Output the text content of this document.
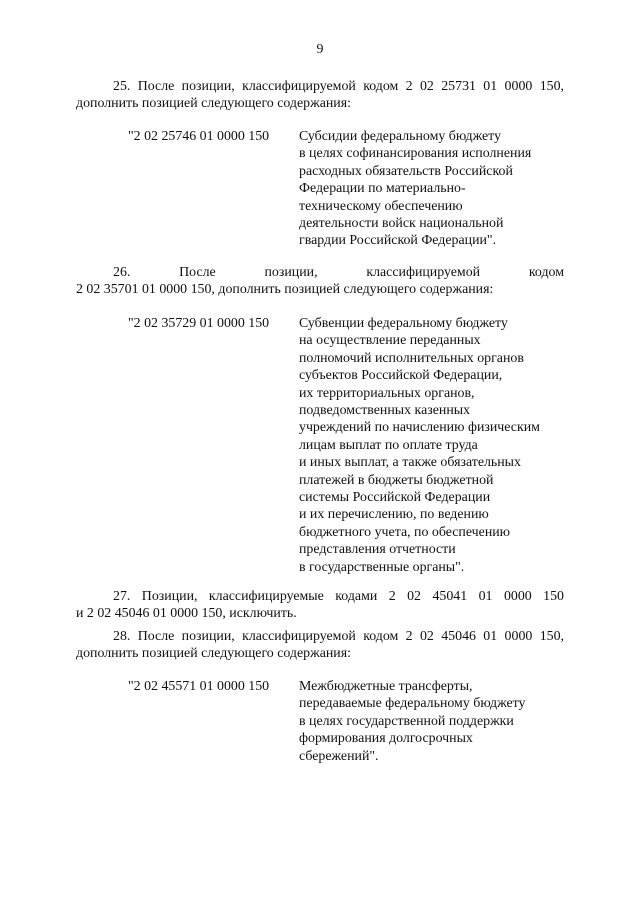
9
25. После позиции, классифицируемой кодом 2 02 25731 01 0000 150,
дополнить позицией следующего содержания:
"2 02 25746 01 0000 150 Субсидии федеральному бюджету
в целях софинансирования исполнения
расходных обязательств Российской
Федерации по материально-
техническому обеспечению
деятельности войск национальной
гвардии Российской Федерации".
26. После позиции, классифицируемой кодом
2 02 35701 01 0000 150, дополнить позицией следующего содержания:
"2 02 35729 01 0000 150 Субвенции федеральному бюджету
на осуществление переданных
полномочий исполнительных органов
субъектов Российской Федерации,
их территориальных органов,
подведомственных казенных
учреждений по начислению физическим
лицам выплат по оплате труда
и иных выплат, а также обязательных
платежей в бюджеты бюджетной
системы Российской Федерации
и их перечислению, по ведению
бюджетного учета, по обеспечению
представления отчетности
в государственные органы".
27. Позиции, классифицируемые кодами 2 02 45041 01 0000 150
и 2 02 45046 01 0000 150, исключить.
28. После позиции, классифицируемой кодом 2 02 45046 01 0000 150,
дополнить позицией следующего содержания:
"2 02 45571 01 0000 150 Межбюджетные трансферты,
передаваемые федеральному бюджету
в целях государственной поддержки
формирования долгосрочных
сбережений".
